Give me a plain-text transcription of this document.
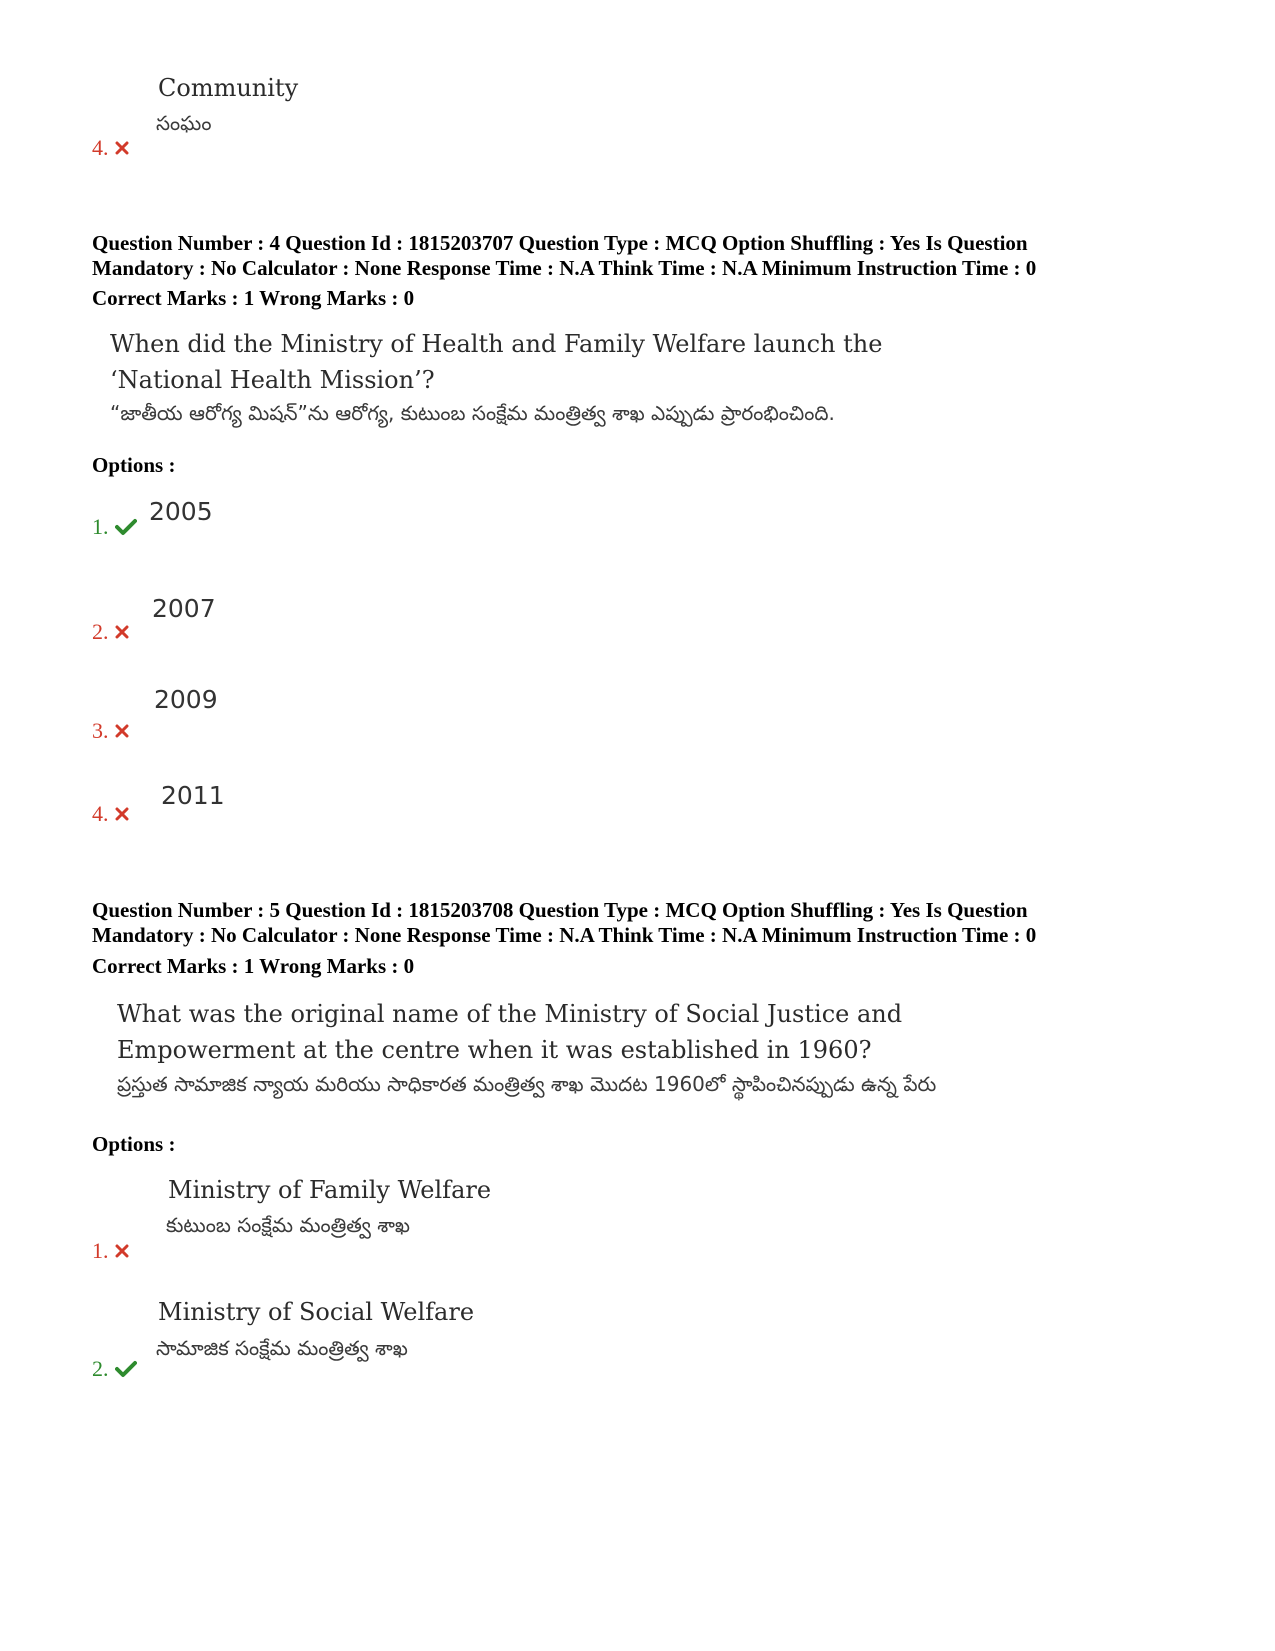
Community
సంఘం
4.
Question Number : 4 Question Id : 1815203707 Question Type : MCQ Option Shuffling : Yes Is Question
Mandatory : No Calculator : None Response Time : N.A Think Time : N.A Minimum Instruction Time : 0
Correct Marks : 1 Wrong Marks : 0
When did the Ministry of Health and Family Welfare launch the
‘National Health Mission’?
“జాతీయ ఆరోగ్య మిషన్”ను ఆరోగ్య, కుటుంబ సంక్షేమ మంత్రిత్వ శాఖ ఎప్పుడు ప్రారంభించింది.
Options :
2005
1.
2007
2.
2009
3.
2011
4.
Question Number : 5 Question Id : 1815203708 Question Type : MCQ Option Shuffling : Yes Is Question
Mandatory : No Calculator : None Response Time : N.A Think Time : N.A Minimum Instruction Time : 0
Correct Marks : 1 Wrong Marks : 0
What was the original name of the Ministry of Social Justice and
Empowerment at the centre when it was established in 1960?
ప్రస్తుత సామాజిక న్యాయ మరియు సాధికారత మంత్రిత్వ శాఖ మొదట 1960లో స్థాపించినప్పుడు ఉన్న పేరు
Options :
Ministry of Family Welfare
కుటుంబ సంక్షేమ మంత్రిత్వ శాఖ
1.
Ministry of Social Welfare
సామాజిక సంక్షేమ మంత్రిత్వ శాఖ
2.
